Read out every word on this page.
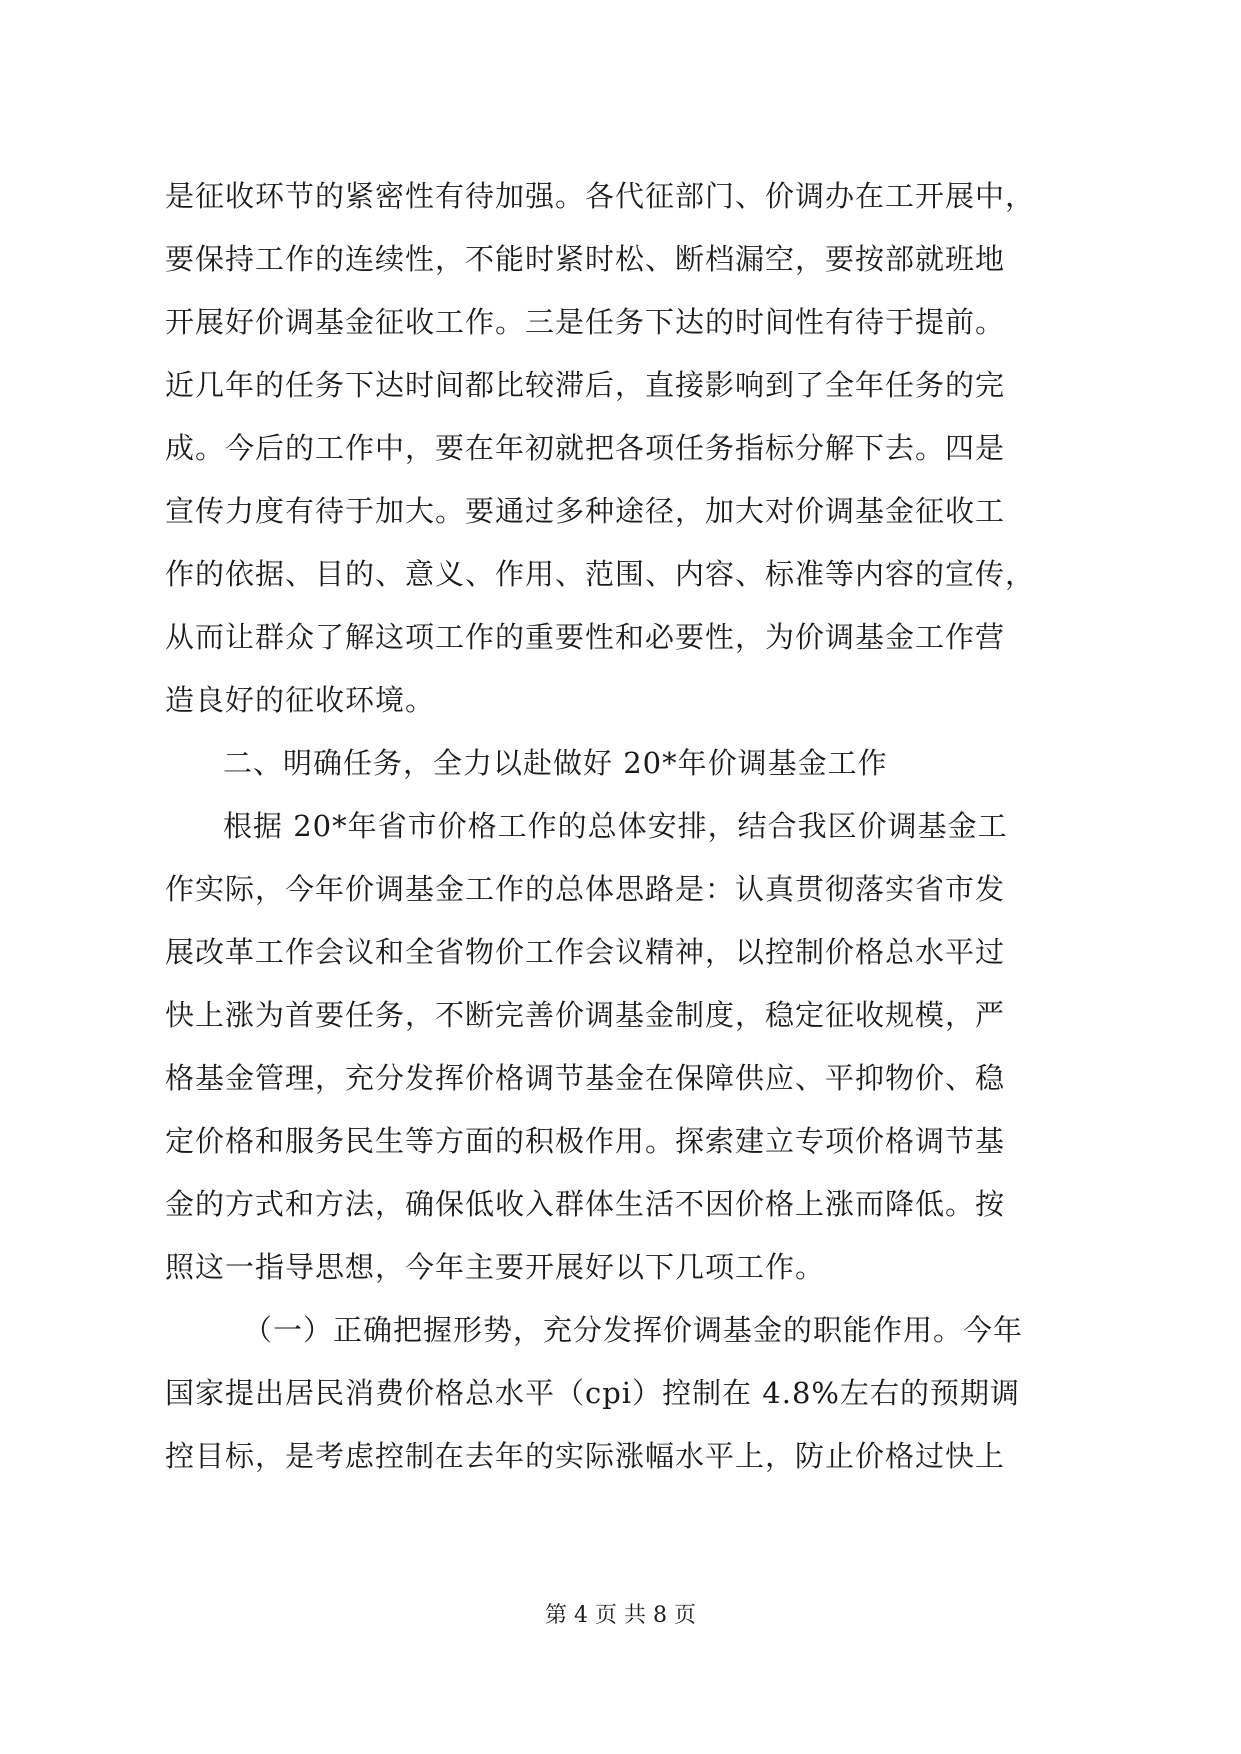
是征收环节的紧密性有待加强。各代征部门、价调办在工开展中，
要保持工作的连续性，不能时紧时松、断档漏空，要按部就班地
开展好价调基金征收工作。三是任务下达的时间性有待于提前。
近几年的任务下达时间都比较滞后，直接影响到了全年任务的完
成。今后的工作中，要在年初就把各项任务指标分解下去。四是
宣传力度有待于加大。要通过多种途径，加大对价调基金征收工
作的依据、目的、意义、作用、范围、内容、标准等内容的宣传，
从而让群众了解这项工作的重要性和必要性，为价调基金工作营
造良好的征收环境。
二、明确任务，全力以赴做好 20*年价调基金工作
根据 20*年省市价格工作的总体安排，结合我区价调基金工
作实际，今年价调基金工作的总体思路是：认真贯彻落实省市发
展改革工作会议和全省物价工作会议精神，以控制价格总水平过
快上涨为首要任务，不断完善价调基金制度，稳定征收规模，严
格基金管理，充分发挥价格调节基金在保障供应、平抑物价、稳
定价格和服务民生等方面的积极作用。探索建立专项价格调节基
金的方式和方法，确保低收入群体生活不因价格上涨而降低。按
照这一指导思想，今年主要开展好以下几项工作。
（一）正确把握形势，充分发挥价调基金的职能作用。今年
国家提出居民消费价格总水平（cpi）控制在 4.8%左右的预期调
控目标，是考虑控制在去年的实际涨幅水平上，防止价格过快上
第 4 页 共 8 页
